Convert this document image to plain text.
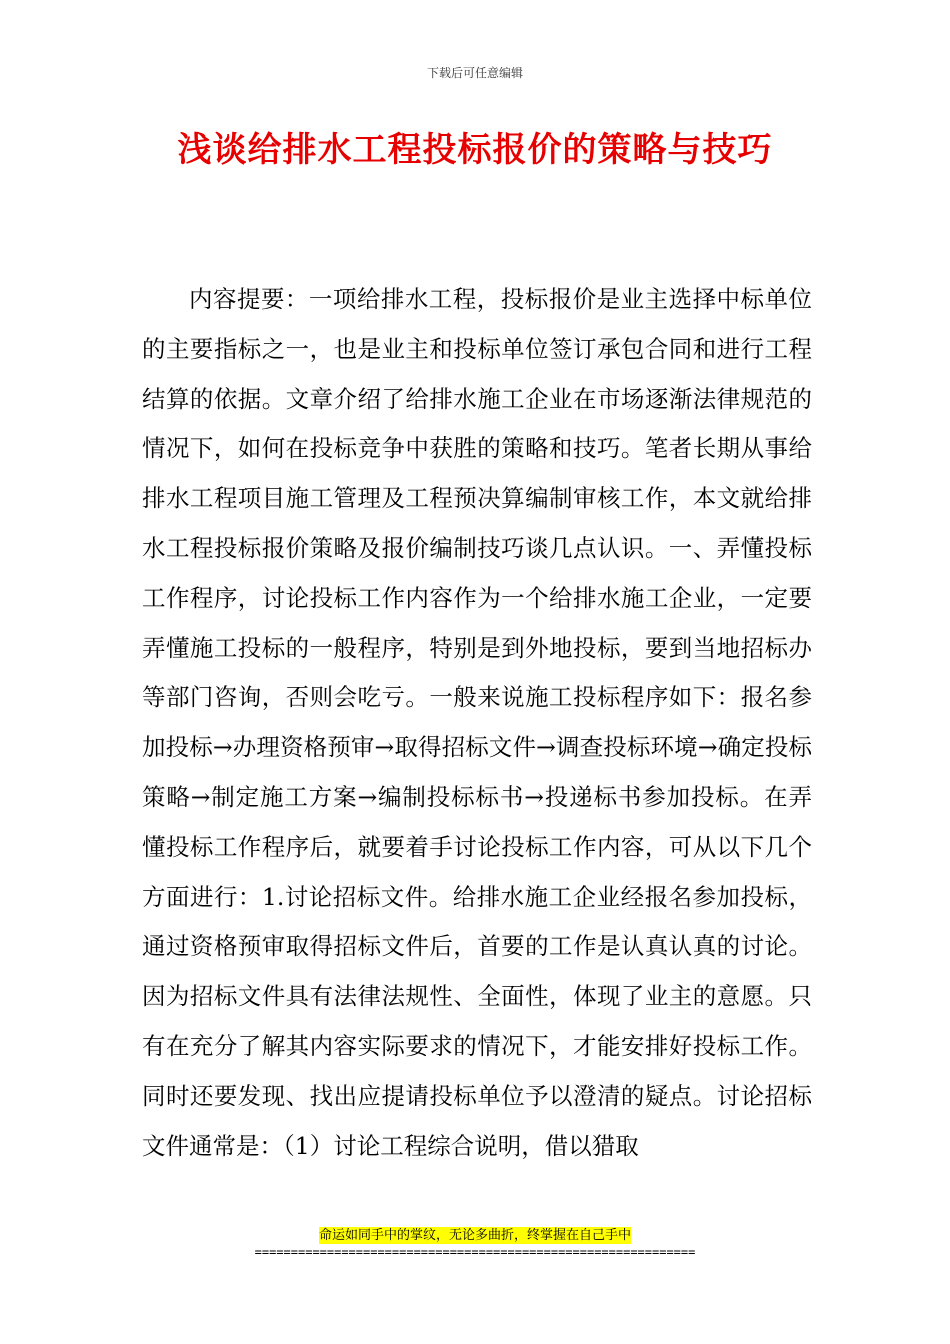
下载后可任意编辑
浅谈给排水工程投标报价的策略与技巧

内容提要：一项给排水工程，投标报价是业主选择中标单位的主要指标之一，也是业主和投标单位签订承包合同和进行工程结算的依据。文章介绍了给排水施工企业在市场逐渐法律规范的情况下，如何在投标竞争中获胜的策略和技巧。笔者长期从事给排水工程项目施工管理及工程预决算编制审核工作，本文就给排水工程投标报价策略及报价编制技巧谈几点认识。一、弄懂投标工作程序，讨论投标工作内容作为一个给排水施工企业，一定要弄懂施工投标的一般程序，特别是到外地投标，要到当地招标办等部门咨询，否则会吃亏。一般来说施工投标程序如下：报名参加投标→办理资格预审→取得招标文件→调查投标环境→确定投标策略→制定施工方案→编制投标标书→投递标书参加投标。在弄懂投标工作程序后，就要着手讨论投标工作内容，可从以下几个方面进行：1.讨论招标文件。给排水施工企业经报名参加投标，通过资格预审取得招标文件后，首要的工作是认真认真的讨论。因为招标文件具有法律法规性、全面性，体现了业主的意愿。只有在充分了解其内容实际要求的情况下，才能安排好投标工作。同时还要发现、找出应提请投标单位予以澄清的疑点。讨论招标文件通常是：（1）讨论工程综合说明，借以猎取

命运如同手中的掌纹，无论多曲折，终掌握在自己手中
=============================================================
